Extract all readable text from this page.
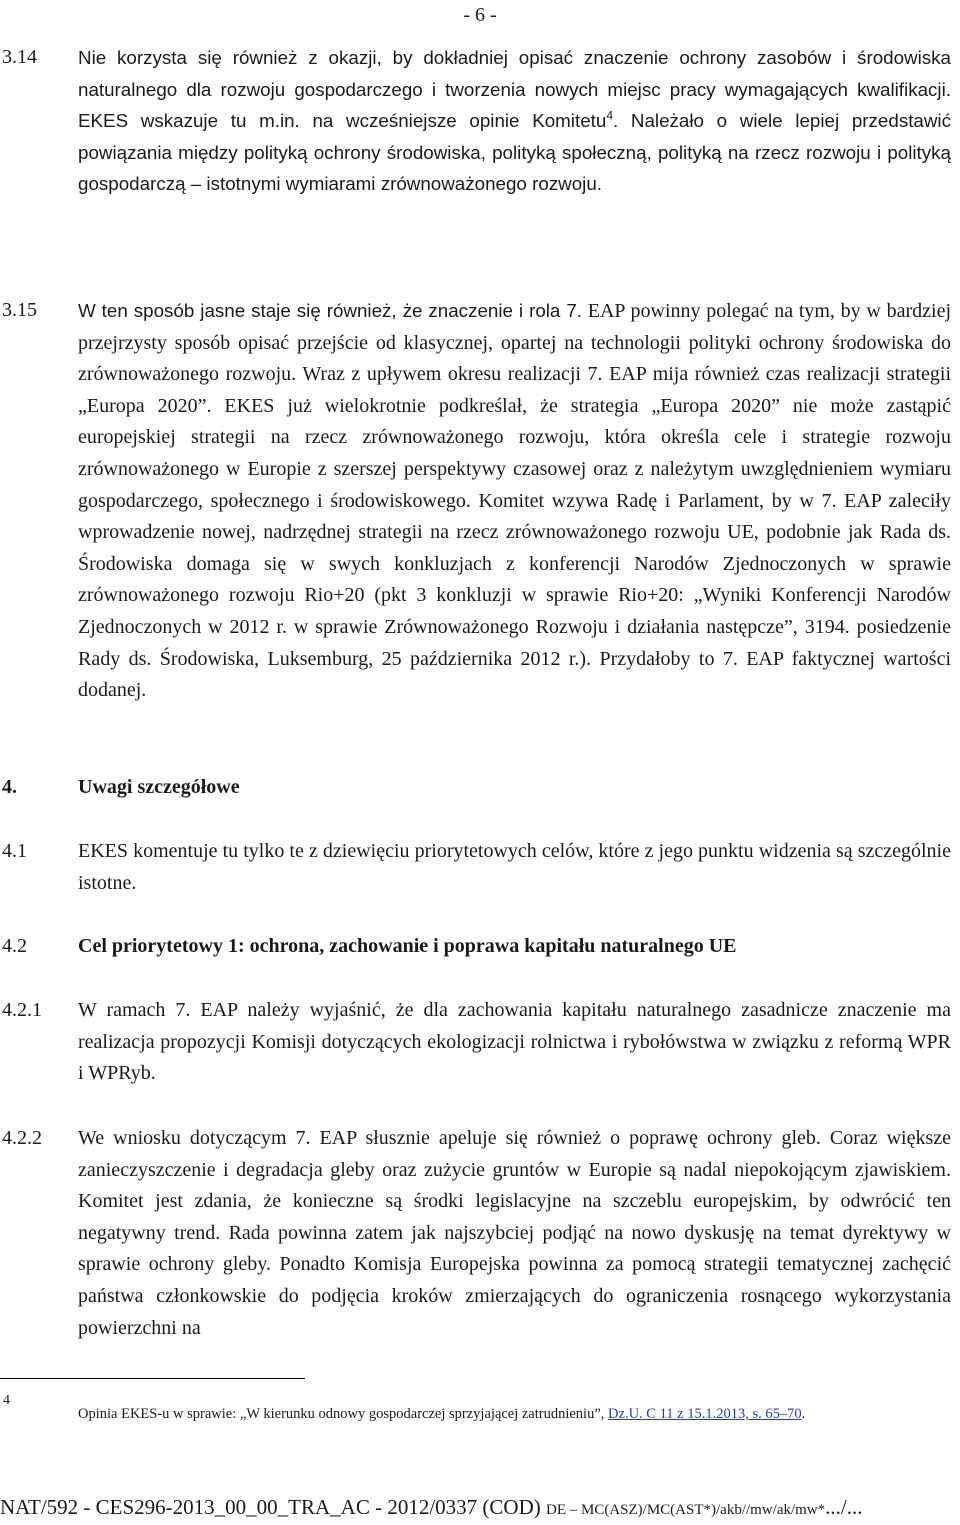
- 6 -
3.14 Nie korzysta się również z okazji, by dokładniej opisać znaczenie ochrony zasobów i środowiska naturalnego dla rozwoju gospodarczego i tworzenia nowych miejsc pracy wymagających kwalifikacji. EKES wskazuje tu m.in. na wcześniejsze opinie Komitetu$^4$. Należało o wiele lepiej przedstawić powiązania między polityką ochrony środowiska, polityką społeczną, polityką na rzecz rozwoju i polityką gospodarczą – istotnymi wymiarami zrównoważonego rozwoju.
3.15 W ten sposób jasne staje się również, że znaczenie i rola 7. EAP powinny polegać na tym, by w bardziej przejrzysty sposób opisać przejście od klasycznej, opartej na technologii polityki ochrony środowiska do zrównoważonego rozwoju. Wraz z upływem okresu realizacji 7. EAP mija również czas realizacji strategii „Europa 2020”. EKES już wielokrotnie podkreślał, że strategia „Europa 2020” nie może zastąpić europejskiej strategii na rzecz zrównoważonego rozwoju, która określa cele i strategie rozwoju zrównoważonego w Europie z szerszej perspektywy czasowej oraz z należytym uwzględnieniem wymiaru gospodarczego, społecznego i środowiskowego. Komitet wzywa Radę i Parlament, by w 7. EAP zaleciły wprowadzenie nowej, nadrzędnej strategii na rzecz zrównoważonego rozwoju UE, podobnie jak Rada ds. Środowiska domaga się w swych konkluzjach z konferencji Narodów Zjednoczonych w sprawie zrównoważonego rozwoju Rio+20 (pkt 3 konkluzji w sprawie Rio+20: „Wyniki Konferencji Narodów Zjednoczonych w 2012 r. w sprawie Zrównoważonego Rozwoju i działania następcze”, 3194. posiedzenie Rady ds. Środowiska, Luksemburg, 25 października 2012 r.). Przydałoby to 7. EAP faktycznej wartości dodanej.
4.	Uwagi szczegółowe
4.1	EKES komentuje tu tylko te z dziewięciu priorytetowych celów, które z jego punktu widzenia są szczególnie istotne.
4.2	Cel priorytetowy 1: ochrona, zachowanie i poprawa kapitału naturalnego UE
4.2.1 W ramach 7. EAP należy wyjaśnić, że dla zachowania kapitału naturalnego zasadnicze znaczenie ma realizacja propozycji Komisji dotyczących ekologizacji rolnictwa i rybołówstwa w związku z reformą WPR i WPRyb.
4.2.2 We wniosku dotyczącym 7. EAP słusznie apeluje się również o poprawę ochrony gleb. Coraz większe zanieczyszczenie i degradacja gleby oraz zużycie gruntów w Europie są nadal niepokojącym zjawiskiem. Komitet jest zdania, że konieczne są środki legislacyjne na szczeblu europejskim, by odwrócić ten negatywny trend. Rada powinna zatem jak najszybciej podjąć na nowo dyskusję na temat dyrektywy w sprawie ochrony gleby. Ponadto Komisja Europejska powinna za pomocą strategii tematycznej zachęcić państwa członkowskie do podjęcia kroków zmierzających do ograniczenia rosnącego wykorzystania powierzchni na
4
Opinia EKES-u w sprawie: „W kierunku odnowy gospodarczej sprzyjającej zatrudnieniu”, Dz.U. C 11 z 15.1.2013, s. 65–70.
NAT/592 - CES296-2013_00_00_TRA_AC - 2012/0337 (COD) DE – MC(ASZ)/MC(AST*)/akb//mw/ak/mw*.../...
